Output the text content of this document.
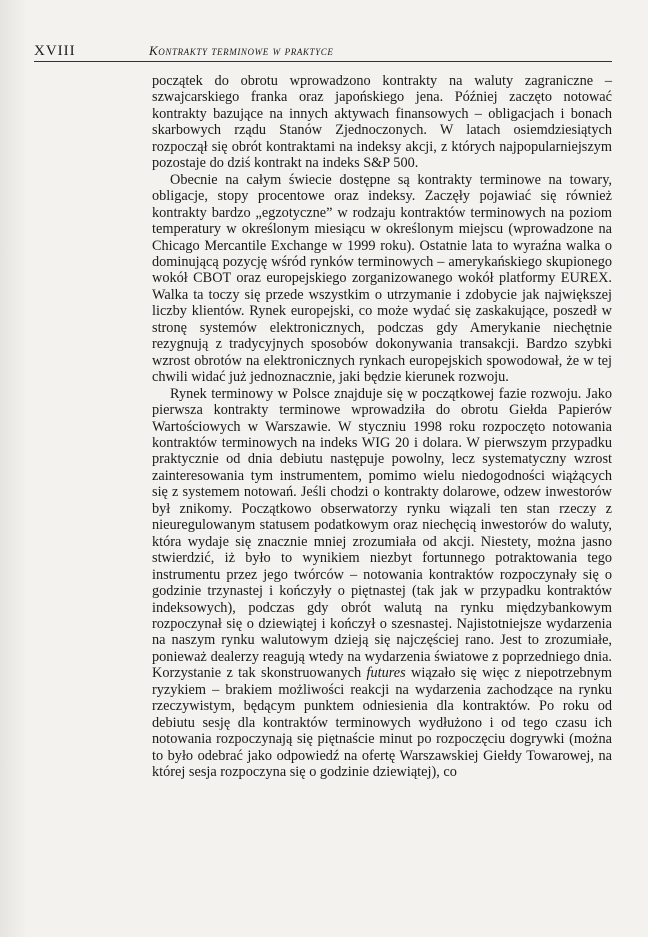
XVIII	Kontrakty terminowe w praktyce

początek do obrotu wprowadzono kontrakty na waluty zagraniczne – szwajcarskiego franka oraz japońskiego jena. Później zaczęto notować kontrakty bazujące na innych aktywach finansowych – obligacjach i bonach skarbowych rządu Stanów Zjednoczonych. W latach osiemdziesiątych rozpoczął się obrót kontraktami na indeksy akcji, z których najpopularniejszym pozostaje do dziś kontrakt na indeks S&P 500.

Obecnie na całym świecie dostępne są kontrakty terminowe na towary, obligacje, stopy procentowe oraz indeksy. Zaczęły pojawiać się również kontrakty bardzo „egzotyczne” w rodzaju kontraktów terminowych na poziom temperatury w określonym miesiącu w określonym miejscu (wprowadzone na Chicago Mercantile Exchange w 1999 roku). Ostatnie lata to wyraźna walka o dominującą pozycję wśród rynków terminowych – amerykańskiego skupionego wokół CBOT oraz europejskiego zorganizowanego wokół platformy EUREX. Walka ta toczy się przede wszystkim o utrzymanie i zdobycie jak największej liczby klientów. Rynek europejski, co może wydać się zaskakujące, poszedł w stronę systemów elektronicznych, podczas gdy Amerykanie niechętnie rezygnują z tradycyjnych sposobów dokonywania transakcji. Bardzo szybki wzrost obrotów na elektronicznych rynkach europejskich spowodował, że w tej chwili widać już jednoznacznie, jaki będzie kierunek rozwoju.

Rynek terminowy w Polsce znajduje się w początkowej fazie rozwoju. Jako pierwsza kontrakty terminowe wprowadziła do obrotu Giełda Papierów Wartościowych w Warszawie. W styczniu 1998 roku rozpoczęto notowania kontraktów terminowych na indeks WIG 20 i dolara. W pierwszym przypadku praktycznie od dnia debiutu następuje powolny, lecz systematyczny wzrost zainteresowania tym instrumentem, pomimo wielu niedogodności wiążących się z systemem notowań. Jeśli chodzi o kontrakty dolarowe, odzew inwestorów był znikomy. Początkowo obserwatorzy rynku wiązali ten stan rzeczy z nieuregulowanym statusem podatkowym oraz niechęcią inwestorów do waluty, która wydaje się znacznie mniej zrozumiała od akcji. Niestety, można jasno stwierdzić, iż było to wynikiem niezbyt fortunnego potraktowania tego instrumentu przez jego twórców – notowania kontraktów rozpoczynały się o godzinie trzynastej i kończyły o piętnastej (tak jak w przypadku kontraktów indeksowych), podczas gdy obrót walutą na rynku międzybankowym rozpoczynał się o dziewiątej i kończył o szesnastej. Najistotniejsze wydarzenia na naszym rynku walutowym dzieją się najczęściej rano. Jest to zrozumiałe, ponieważ dealerzy reagują wtedy na wydarzenia światowe z poprzedniego dnia. Korzystanie z tak skonstruowanych futures wiązało się więc z niepotrzebnym ryzykiem – brakiem możliwości reakcji na wydarzenia zachodzące na rynku rzeczywistym, będącym punktem odniesienia dla kontraktów. Po roku od debiutu sesję dla kontraktów terminowych wydłużono i od tego czasu ich notowania rozpoczynają się piętnaście minut po rozpoczęciu dogrywki (można to było odebrać jako odpowiedź na ofertę Warszawskiej Giełdy Towarowej, na której sesja rozpoczyna się o godzinie dziewiątej), co
